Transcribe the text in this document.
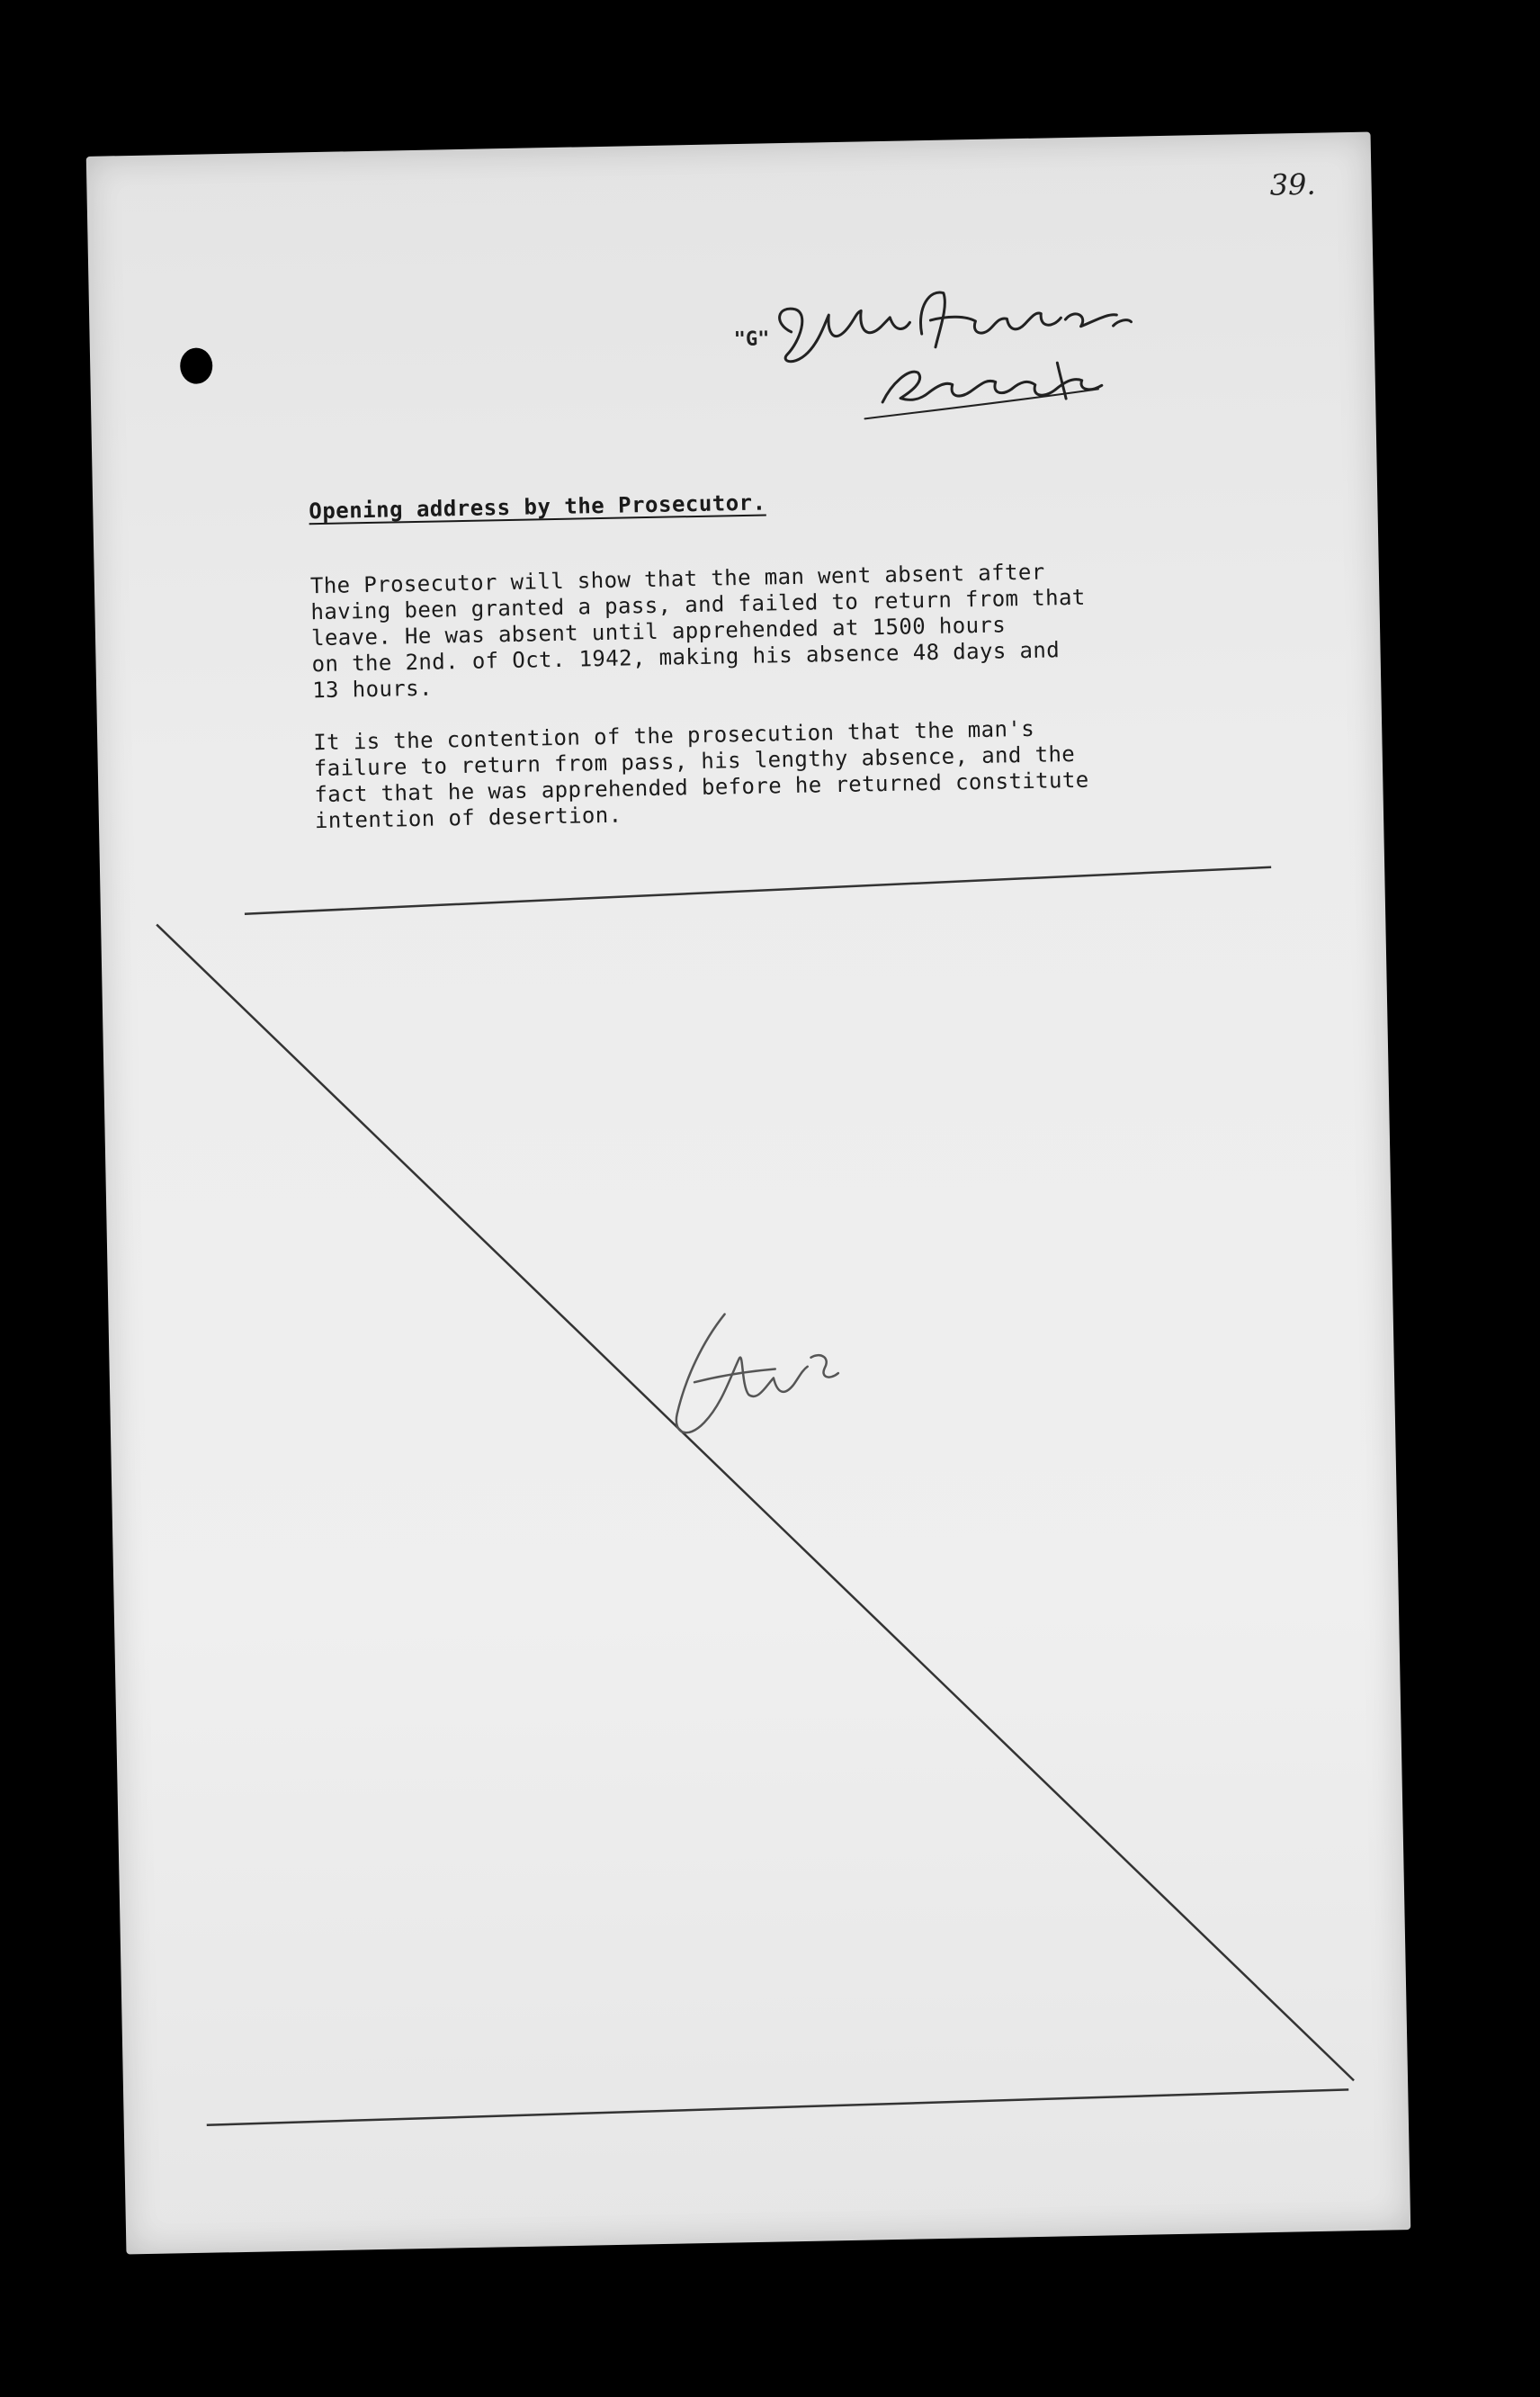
39.
"G"
Opening address by the Prosecutor.
The Prosecutor will show that the man went absent after
having been granted a pass, and failed to return from that
leave. He was absent until apprehended at 1500 hours
on the 2nd. of Oct. 1942, making his absence 48 days and
13 hours.
It is the contention of the prosecution that the man's
failure to return from pass, his lengthy absence, and the
fact that he was apprehended before he returned constitute
intention of desertion.
